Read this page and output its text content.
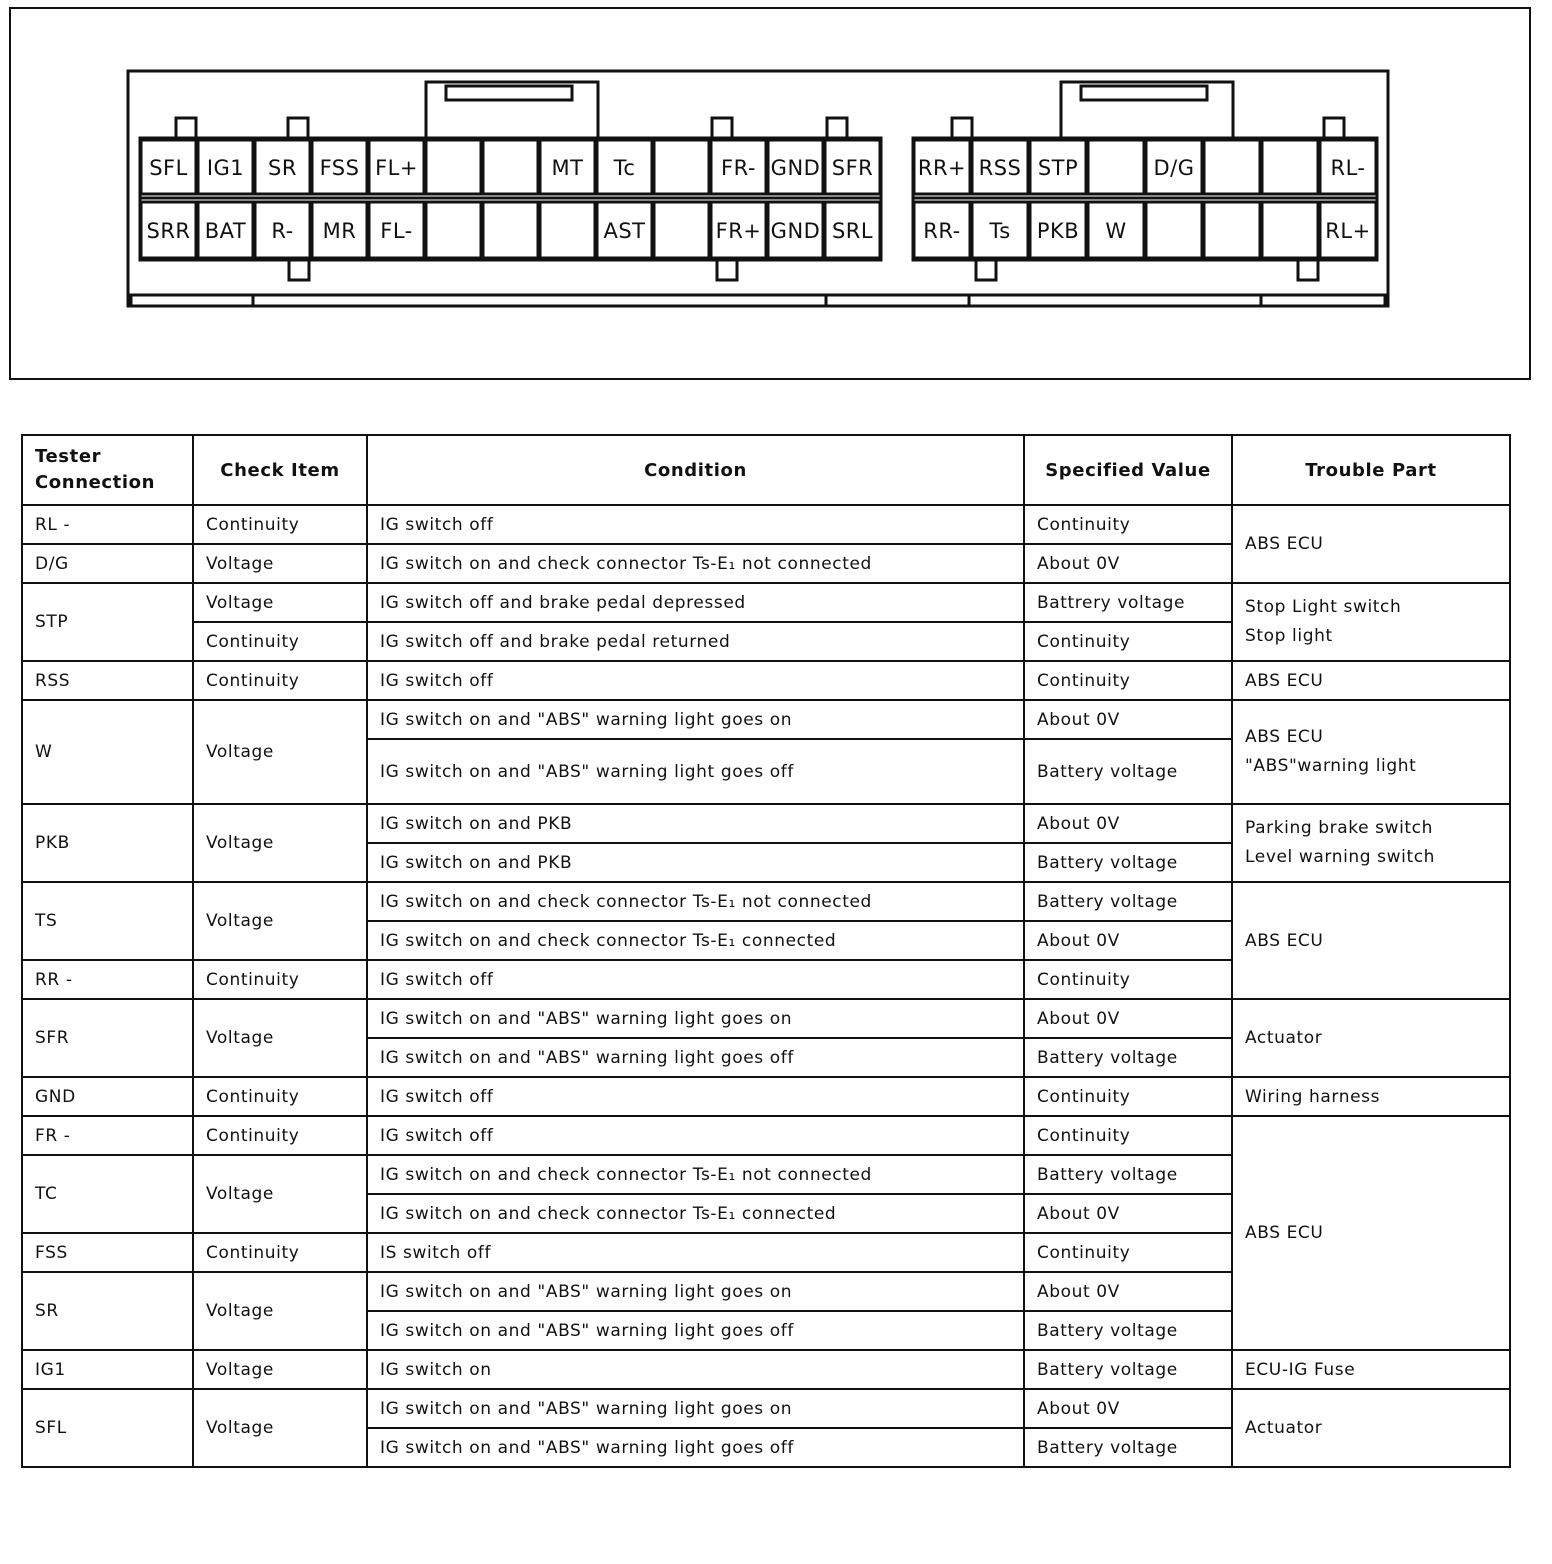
SFL IG1 SR FSS FL+	MT Tc	FR- GND SFR
SRR BAT R- MR FL-	AST	FR+ GND SRL
RR+ RSS STP	D/G	RL-
RR- Ts PKB W	RL+
Tester Connection	Check Item	Condition	Specified Value	Trouble Part
RL -	Continuity	IG switch off	Continuity	ABS ECU
D/G	Voltage	IG switch on and check connector Ts-E₁ not connected	About 0V	
STP	Voltage	IG switch off and brake pedal depressed	Battrery voltage	Stop Light switch
Stop light
	Continuity	IG switch off and brake pedal returned	Continuity	
RSS	Continuity	IG switch off	Continuity	ABS ECU
W	Voltage	IG switch on and "ABS" warning light goes on	About 0V	ABS ECU
"ABS"warning light
		IG switch on and "ABS" warning light goes off	Battery voltage	
PKB	Voltage	IG switch on and PKB	About 0V	Parking brake switch
Level warning switch
		IG switch on and PKB	Battery voltage	
TS	Voltage	IG switch on and check connector Ts-E₁ not connected	Battery voltage	ABS ECU
		IG switch on and check connector Ts-E₁ connected	About 0V	
RR -	Continuity	IG switch off	Continuity	
SFR	Voltage	IG switch on and "ABS" warning light goes on	About 0V	Actuator
		IG switch on and "ABS" warning light goes off	Battery voltage	
GND	Continuity	IG switch off	Continuity	Wiring harness
FR -	Continuity	IG switch off	Continuity	ABS ECU
TC	Voltage	IG switch on and check connector Ts-E₁ not connected	Battery voltage	
		IG switch on and check connector Ts-E₁ connected	About 0V	
FSS	Continuity	IS switch off	Continuity	
SR	Voltage	IG switch on and "ABS" warning light goes on	About 0V	
		IG switch on and "ABS" warning light goes off	Battery voltage	
IG1	Voltage	IG switch on	Battery voltage	ECU-IG Fuse
SFL	Voltage	IG switch on and "ABS" warning light goes on	About 0V	Actuator
		IG switch on and "ABS" warning light goes off	Battery voltage	
